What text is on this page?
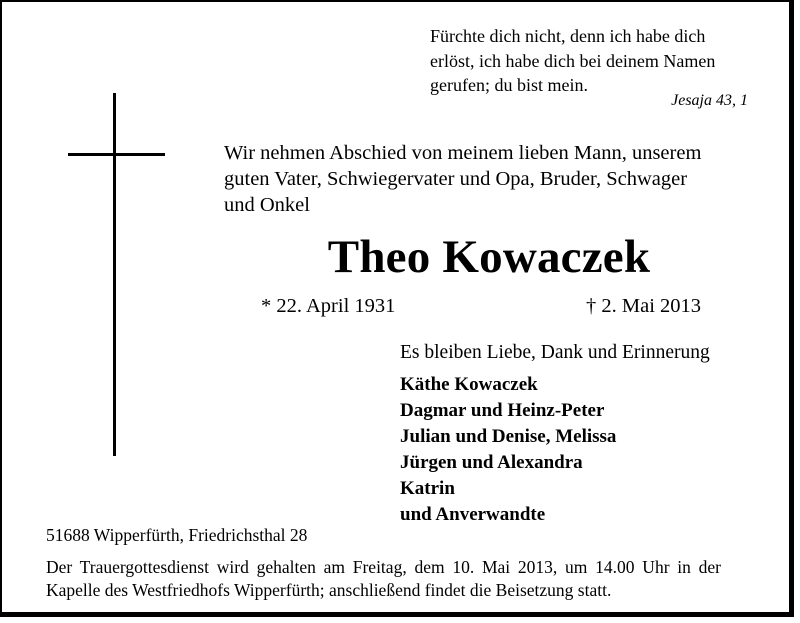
Fürchte dich nicht, denn ich habe dich
erlöst, ich habe dich bei deinem Namen
gerufen; du bist mein.
Jesaja 43, 1
Wir nehmen Abschied von meinem lieben Mann, unserem
guten Vater, Schwiegervater und Opa, Bruder, Schwager
und Onkel
Theo Kowaczek
* 22. April 1931	† 2. Mai 2013
Es bleiben Liebe, Dank und Erinnerung
Käthe Kowaczek
Dagmar und Heinz-Peter
Julian und Denise, Melissa
Jürgen und Alexandra
Katrin
und Anverwandte
51688 Wipperfürth, Friedrichsthal 28
Der Trauergottesdienst wird gehalten am Freitag, dem 10. Mai 2013, um 14.00 Uhr in der Kapelle des Westfriedhofs Wipperfürth; anschließend findet die Beisetzung statt.
